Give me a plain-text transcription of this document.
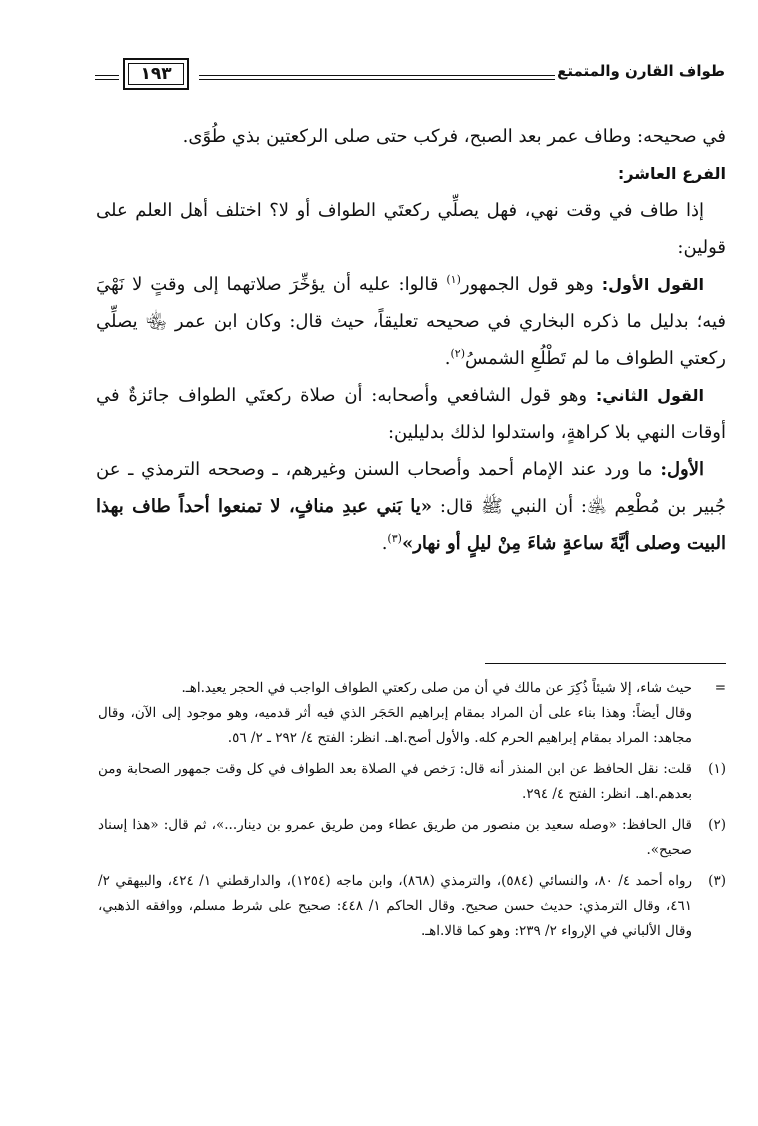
طواف القارن والمتمتع
١٩٣

في صحيحه: وطاف عمر بعد الصبح، فركب حتى صلى الركعتين بذي طُوًى.

الفرع العاشر:

إذا طاف في وقت نهي، فهل يصلِّي ركعتَي الطواف أو لا؟ اختلف أهل العلم على قولين:

القول الأول: وهو قول الجمهور$^{(١)}$ قالوا: عليه أن يؤخِّرَ صلاتهما إلى وقتٍ لا نَهْيَ فيه؛ بدليل ما ذكره البخاري في صحيحه تعليقاً، حيث قال: وكان ابن عمر ﵄ يصلِّي ركعتي الطواف ما لم تَطْلُعِ الشمسُ$^{(٢)}$.

القول الثاني: وهو قول الشافعي وأصحابه: أن صلاة ركعتَي الطواف جائزةٌ في أوقات النهي بلا كراهةٍ، واستدلوا لذلك بدليلين:

الأول: ما ورد عند الإمام أحمد وأصحاب السنن وغيرهم، ـ وصححه الترمذي ـ عن جُبير بن مُطْعِم ﵁: أن النبي ﷺ قال: «يا بَني عبدِ منافٍ، لا تمنعوا أحداً طاف بهذا البيت وصلى أيَّةَ ساعةٍ شاءَ مِنْ ليلٍ أو نهار»$^{(٣)}$.

=

حيث شاء، إلا شيئاً ذُكِرَ عن مالك في أن من صلى ركعتي الطواف الواجب في الحجر يعيد.اهـ.

وقال أيضاً: وهذا بناء على أن المراد بمقام إبراهيم الحَجَر الذي فيه أثر قدميه، وهو موجود إلى الآن، وقال مجاهد: المراد بمقام إبراهيم الحرم كله. والأول أصح.اهـ. انظر: الفتح ٤/ ٢٩٢ ـ ٢/ ٥٦.

(١)

قلت: نقل الحافظ عن ابن المنذر أنه قال: رَخص في الصلاة بعد الطواف في كل وقت جمهور الصحابة ومن بعدهم.اهـ. انظر: الفتح ٤/ ٢٩٤.

(٢)

قال الحافظ: «وصله سعيد بن منصور من طريق عطاء ومن طريق عمرو بن دينار...»، ثم قال: «هذا إسناد صحيح».

(٣)

رواه أحمد ٤/ ٨٠، والنسائي (٥٨٤)، والترمذي (٨٦٨)، وابن ماجه (١٢٥٤)، والدارقطني ١/ ٤٢٤، والبيهقي ٢/ ٤٦١، وقال الترمذي: حديث حسن صحيح. وقال الحاكم ١/ ٤٤٨: صحيح على شرط مسلم، ووافقه الذهبي، وقال الألباني في الإرواء ٢/ ٢٣٩: وهو كما قالا.اهـ.
